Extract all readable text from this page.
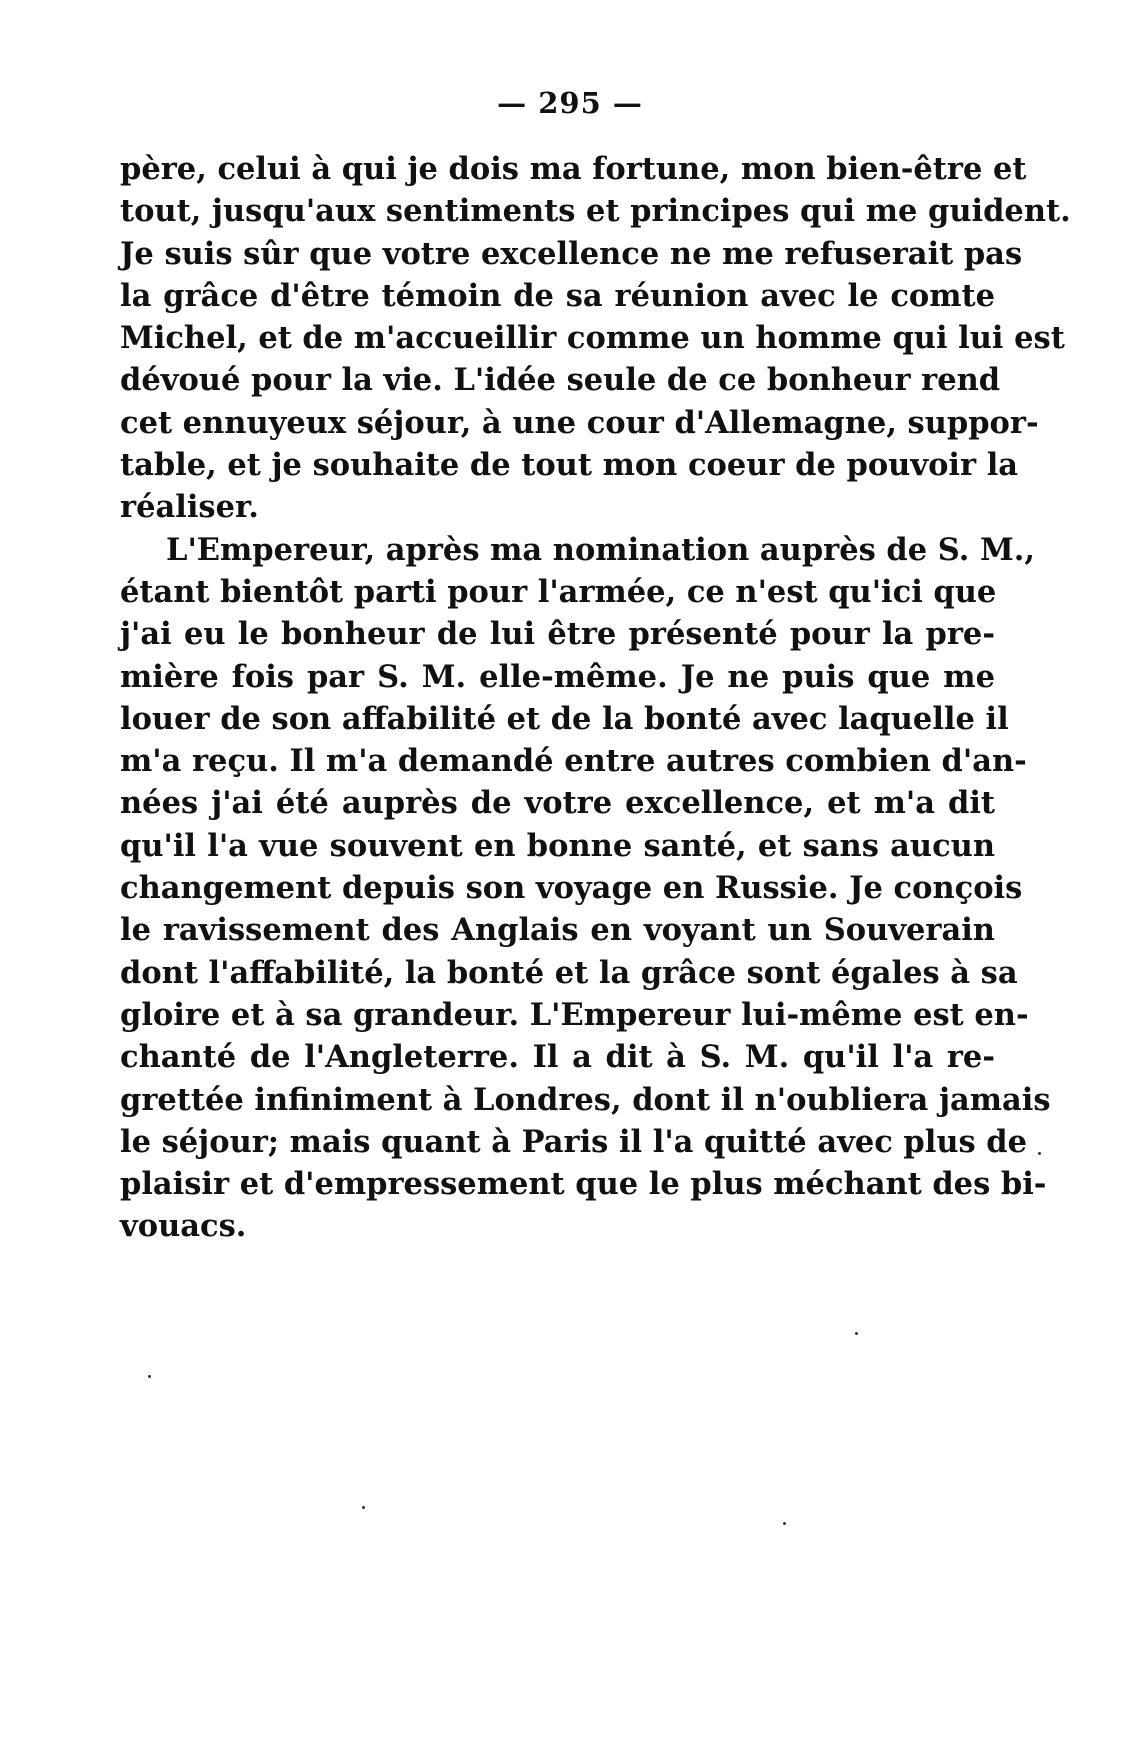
— 295 —
père, celui à qui je dois ma fortune, mon bien-être et
tout, jusqu'aux sentiments et principes qui me guident.
Je suis sûr que votre excellence ne me refuserait pas
la grâce d'être témoin de sa réunion avec le comte
Michel, et de m'accueillir comme un homme qui lui est
dévoué pour la vie. L'idée seule de ce bonheur rend
cet ennuyeux séjour, à une cour d'Allemagne, suppor-
table, et je souhaite de tout mon coeur de pouvoir la
réaliser.
L'Empereur, après ma nomination auprès de S. M.,
étant bientôt parti pour l'armée, ce n'est qu'ici que
j'ai eu le bonheur de lui être présenté pour la pre-
mière fois par S. M. elle-même. Je ne puis que me
louer de son affabilité et de la bonté avec laquelle il
m'a reçu. Il m'a demandé entre autres combien d'an-
nées j'ai été auprès de votre excellence, et m'a dit
qu'il l'a vue souvent en bonne santé, et sans aucun
changement depuis son voyage en Russie. Je conçois
le ravissement des Anglais en voyant un Souverain
dont l'affabilité, la bonté et la grâce sont égales à sa
gloire et à sa grandeur. L'Empereur lui-même est en-
chanté de l'Angleterre. Il a dit à S. M. qu'il l'a re-
grettée infiniment à Londres, dont il n'oubliera jamais
le séjour; mais quant à Paris il l'a quitté avec plus de
plaisir et d'empressement que le plus méchant des bi-
vouacs.
